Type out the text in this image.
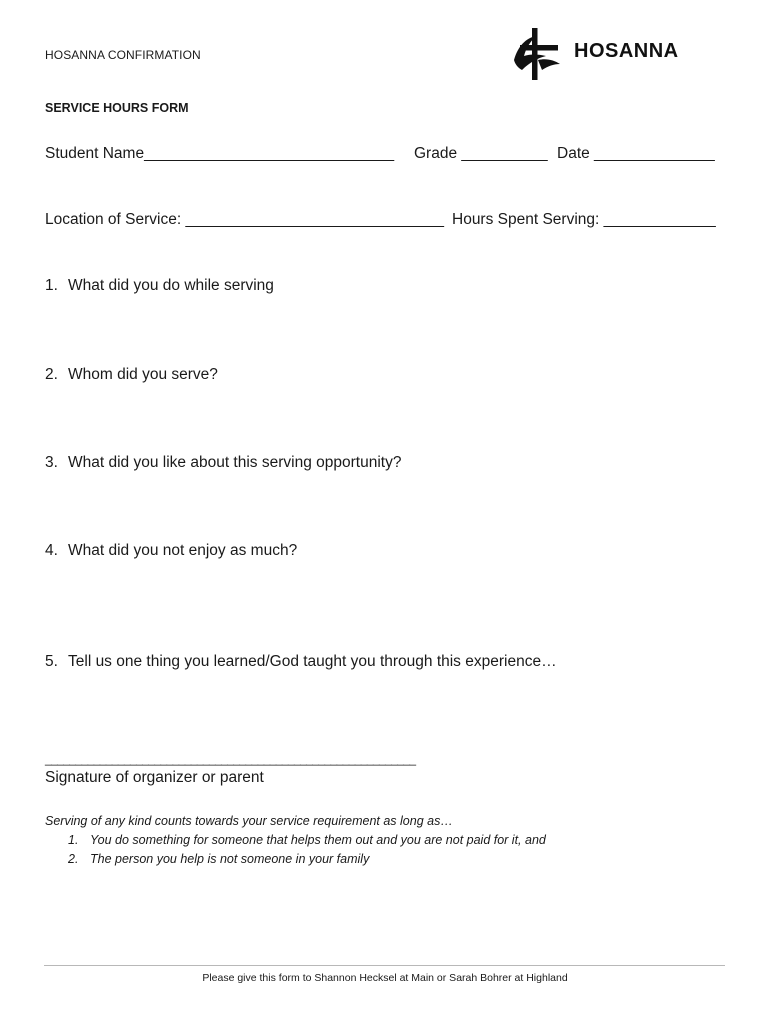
HOSANNA CONFIRMATION	HOSANNA
SERVICE HOURS FORM
Student Name_____________________________ Grade __________ Date ______________
Location of Service: ______________________________ Hours Spent Serving: _____________
1. What did you do while serving
2. Whom did you serve?
3. What did you like about this serving opportunity?
4. What did you not enjoy as much?
5. Tell us one thing you learned/God taught you through this experience…
_____________________________________________________________
Signature of organizer or parent
Serving of any kind counts towards your service requirement as long as…
1. You do something for someone that helps them out and you are not paid for it, and
2. The person you help is not someone in your family
Please give this form to Shannon Hecksel at Main or Sarah Bohrer at Highland
